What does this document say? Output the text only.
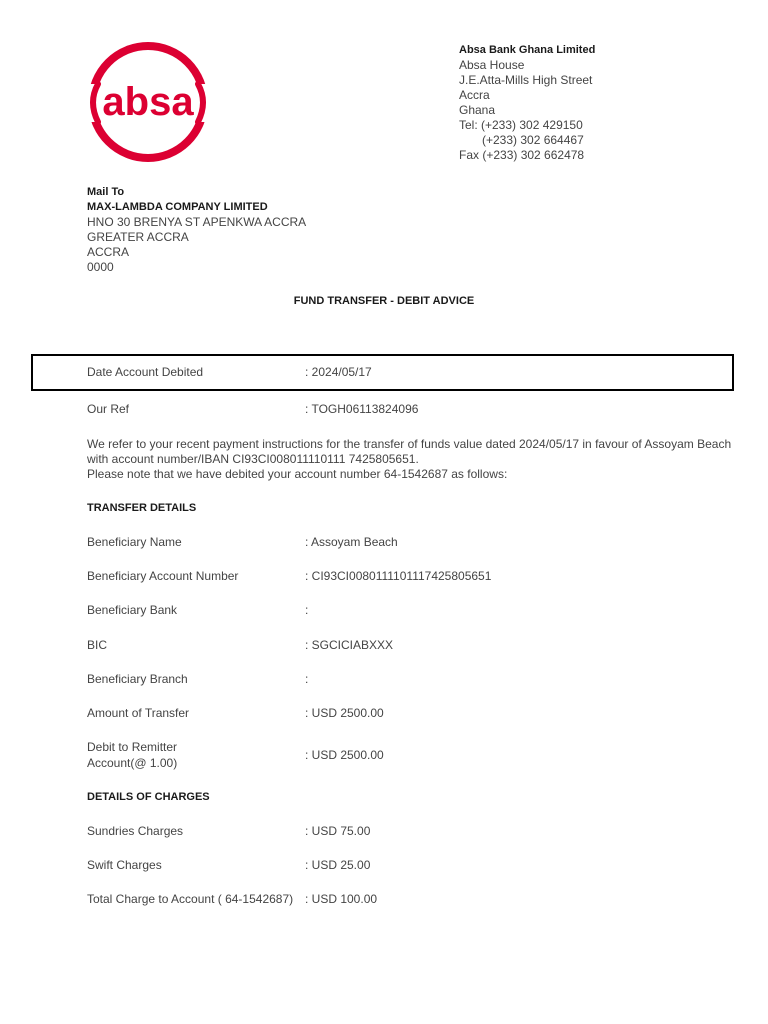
absa
Absa Bank Ghana Limited
Absa House
J.E.Atta-Mills High Street
Accra
Ghana
Tel: (+233) 302 429150
(+233) 302 664467
Fax (+233) 302 662478
Mail To
MAX-LAMBDA COMPANY LIMITED
HNO 30 BRENYA ST APENKWA ACCRA
GREATER ACCRA
ACCRA
0000
FUND TRANSFER - DEBIT ADVICE
Date Account Debited	: 2024/05/17
Our Ref	: TOGH06113824096

We refer to your recent payment instructions for the transfer of funds value dated 2024/05/17 in favour of Assoyam Beach with account number/IBAN CI93CI008011110111 7425805651.

Please note that we have debited your account number 64-1542687 as follows:

TRANSFER DETAILS
Beneficiary Name	: Assoyam Beach
Beneficiary Account Number	: CI93CI0080111101117425805651
Beneficiary Bank	:
BIC	: SGCICIABXXX
Beneficiary Branch	:
Amount of Transfer	: USD 2500.00
Debit to Remitter
Account(@ 1.00)
: USD 2500.00
DETAILS OF CHARGES
Sundries Charges	: USD 75.00
Swift Charges	: USD 25.00
Total Charge to Account ( 64-1542687) : USD 100.00
